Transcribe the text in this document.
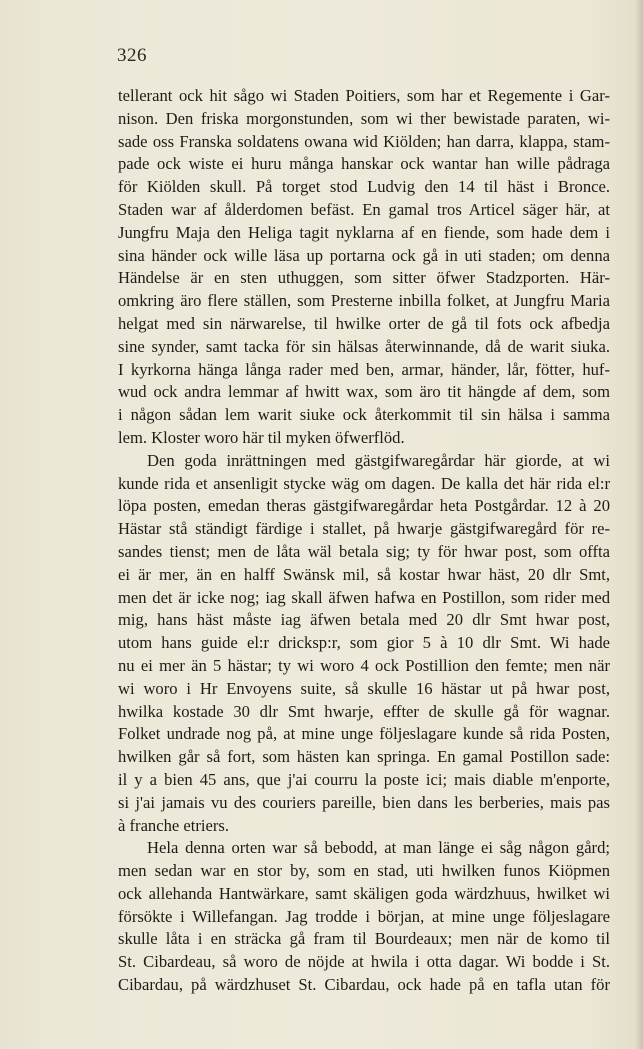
326
tellerant ock hit sågo wi Staden Poitiers, som har et Regemente i Gar-
nison. Den friska morgonstunden, som wi ther bewistade paraten, wi-
sade oss Franska soldatens owana wid Kiölden; han darra, klappa, stam-
pade ock wiste ei huru många hanskar ock wantar han wille pådraga
för Kiölden skull. På torget stod Ludvig den 14 til häst i Bronce.
Staden war af ålderdomen befäst. En gamal tros Articel säger här, at
Jungfru Maja den Heliga tagit nyklarna af en fiende, som hade dem i
sina händer ock wille läsa up portarna ock gå in uti staden; om denna
Händelse är en sten uthuggen, som sitter öfwer Stadzporten. Här-
omkring äro flere ställen, som Presterne inbilla folket, at Jungfru Maria
helgat med sin närwarelse, til hwilke orter de gå til fots ock afbedja
sine synder, samt tacka för sin hälsas återwinnande, då de warit siuka.
I kyrkorna hänga långa rader med ben, armar, händer, lår, fötter, huf-
wud ock andra lemmar af hwitt wax, som äro tit hängde af dem, som
i någon sådan lem warit siuke ock återkommit til sin hälsa i samma
lem. Kloster woro här til myken öfwerflöd.
Den goda inrättningen med gästgifwaregårdar här giorde, at wi
kunde rida et ansenligit stycke wäg om dagen. De kalla det här rida el:r
löpa posten, emedan theras gästgifwaregårdar heta Postgårdar. 12 à 20
Hästar stå ständigt färdige i stallet, på hwarje gästgifwaregård för re-
sandes tienst; men de låta wäl betala sig; ty för hwar post, som offta
ei är mer, än en halff Swänsk mil, så kostar hwar häst, 20 dlr Smt,
men det är icke nog; iag skall äfwen hafwa en Postillon, som rider med
mig, hans häst måste iag äfwen betala med 20 dlr Smt hwar post,
utom hans guide el:r dricksp:r, som gior 5 à 10 dlr Smt. Wi hade
nu ei mer än 5 hästar; ty wi woro 4 ock Postillion den femte; men när
wi woro i Hr Envoyens suite, så skulle 16 hästar ut på hwar post,
hwilka kostade 30 dlr Smt hwarje, effter de skulle gå för wagnar.
Folket undrade nog på, at mine unge följeslagare kunde så rida Posten,
hwilken går så fort, som hästen kan springa. En gamal Postillon sade:
il y a bien 45 ans, que j'ai courru la poste ici; mais diable m'enporte,
si j'ai jamais vu des couriers pareille, bien dans les berberies, mais pas
à franche etriers.
Hela denna orten war så bebodd, at man länge ei såg någon gård;
men sedan war en stor by, som en stad, uti hwilken funos Kiöpmen
ock allehanda Hantwärkare, samt skäligen goda wärdzhuus, hwilket wi
försökte i Willefangan. Jag trodde i början, at mine unge följeslagare
skulle låta i en sträcka gå fram til Bourdeaux; men när de komo til
St. Cibardeau, så woro de nöjde at hwila i otta dagar. Wi bodde i St.
Cibardau, på wärdzhuset St. Cibardau, ock hade på en tafla utan för
